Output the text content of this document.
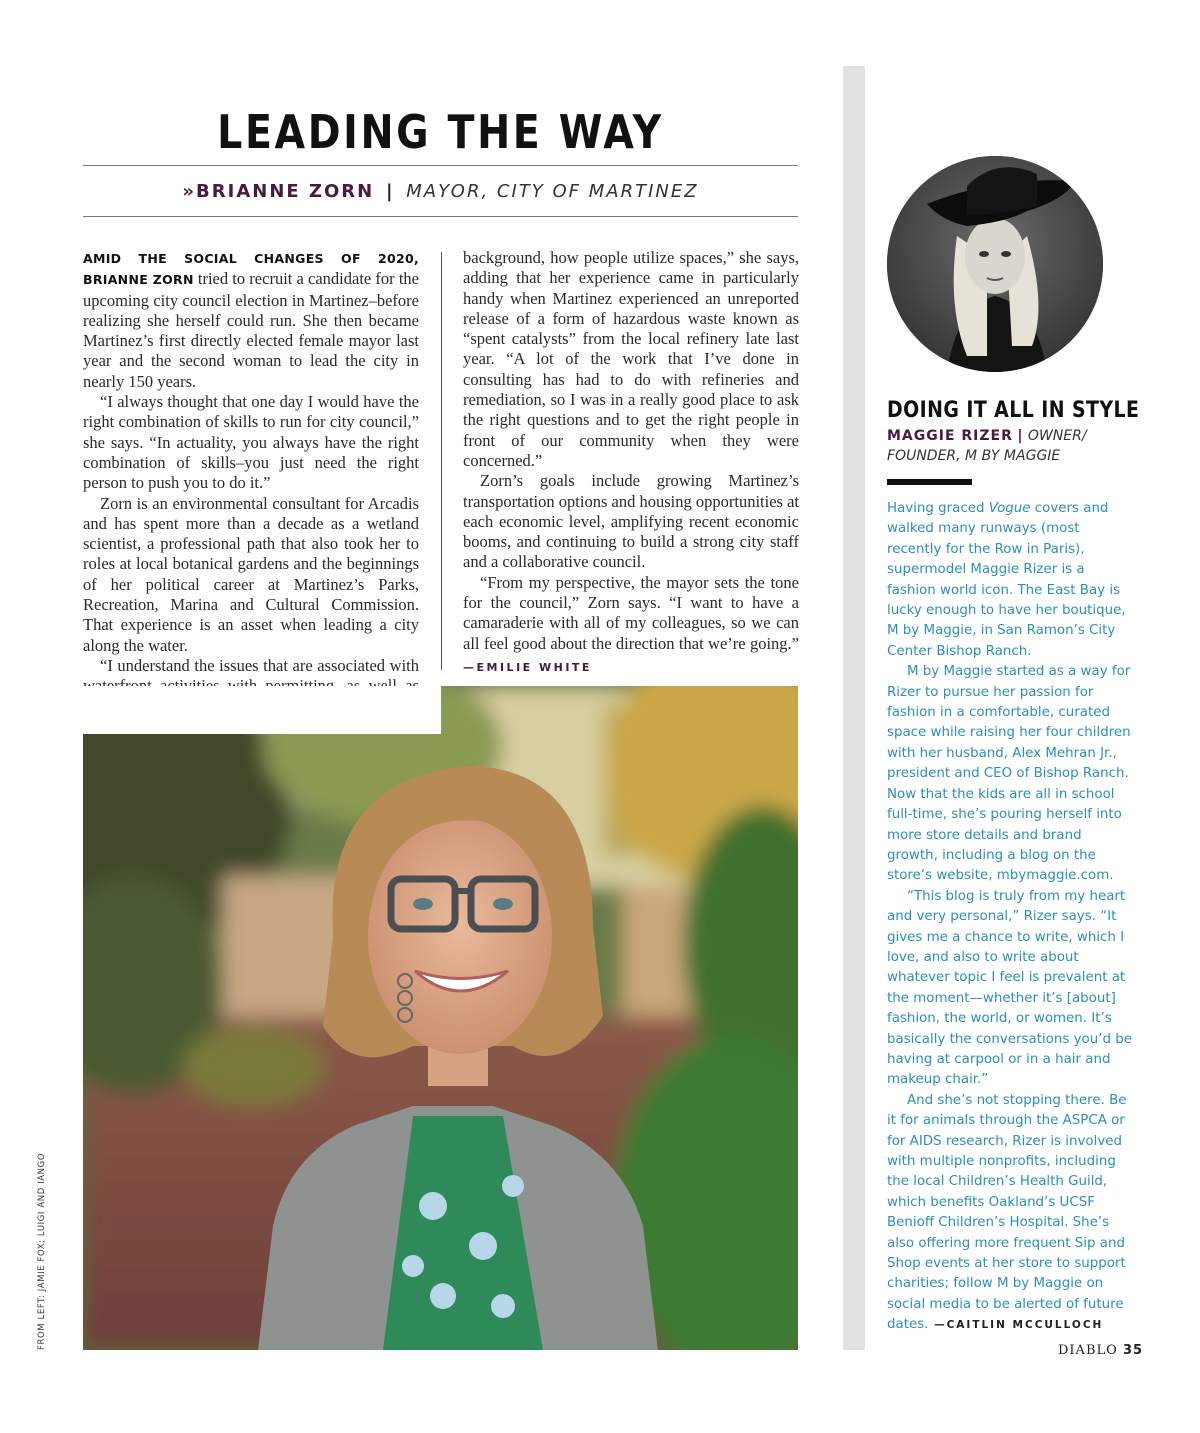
LEADING THE WAY
»BRIANNE ZORN | MAYOR, CITY OF MARTINEZ

AMID THE SOCIAL CHANGES OF 2020, BRIANNE ZORN tried to recruit a candidate for the upcoming city council election in Martinez–before realizing she herself could run. She then became Martinez’s first directly elected female mayor last year and the second woman to lead the city in nearly 150 years.

“I always thought that one day I would have the right combination of skills to run for city council,” she says. “In actuality, you always have the right combination of skills–you just need the right person to push you to do it.”

Zorn is an environmental consultant for Arcadis and has spent more than a decade as a wetland scientist, a professional path that also took her to roles at local botanical gardens and the beginnings of her political career at Martinez’s Parks, Recreation, Marina and Cultural Commission. That experience is an asset when leading a city along the water.

“I understand the issues that are associated with

background, how people utilize spaces,” she says, adding that her experience came in particularly handy when Martinez experienced an unreported release of a form of hazardous waste known as “spent catalysts” from the local refinery late last year. “A lot of the work that I’ve done in consulting has had to do with refineries and remediation, so I was in a really good place to ask the right questions and to get the right people in front of our community when they were concerned.”

Zorn’s goals include growing Martinez’s transportation options and housing opportunities at each economic level, amplifying recent economic booms, and continuing to build a strong city staff and a collaborative council.

“From my perspective, the mayor sets the tone for the council,” Zorn says. “I want to have a camaraderie with all of my colleagues, so we can all feel good about the direction that we’re going.” —EMILIE WHITE

FROM LEFT: JAMIE FOX; LUIGI AND IANGO
DOING IT ALL IN STYLE
MAGGIE RIZER | OWNER/ FOUNDER, M BY MAGGIE

Having graced Vogue covers and walked many runways (most recently for the Row in Paris), supermodel Maggie Rizer is a fashion world icon. The East Bay is lucky enough to have her boutique, M by Maggie, in San Ramon’s City Center Bishop Ranch.

M by Maggie started as a way for Rizer to pursue her passion for fashion in a comfortable, curated space while raising her four children with her husband, Alex Mehran Jr., president and CEO of Bishop Ranch. Now that the kids are all in school full-time, she’s pouring herself into more store details and brand growth, including a blog on the store’s website, mbymaggie.com.

“This blog is truly from my heart and very personal,” Rizer says. “It gives me a chance to write, which I love, and also to write about whatever topic I feel is prevalent at the moment—whether it’s [about] fashion, the world, or women. It’s basically the conversations you’d be having at carpool or in a hair and makeup chair.”

And she’s not stopping there. Be it for animals through the ASPCA or for AIDS research, Rizer is involved with multiple nonprofits, including the local Children’s Health Guild, which benefits Oakland’s UCSF Benioff Children’s Hospital. She’s also offering more frequent Sip and Shop events at her store to support charities; follow M by Maggie on social media to be alerted of future dates. —CAITLIN MCCULLOCH

DIABLO 35
